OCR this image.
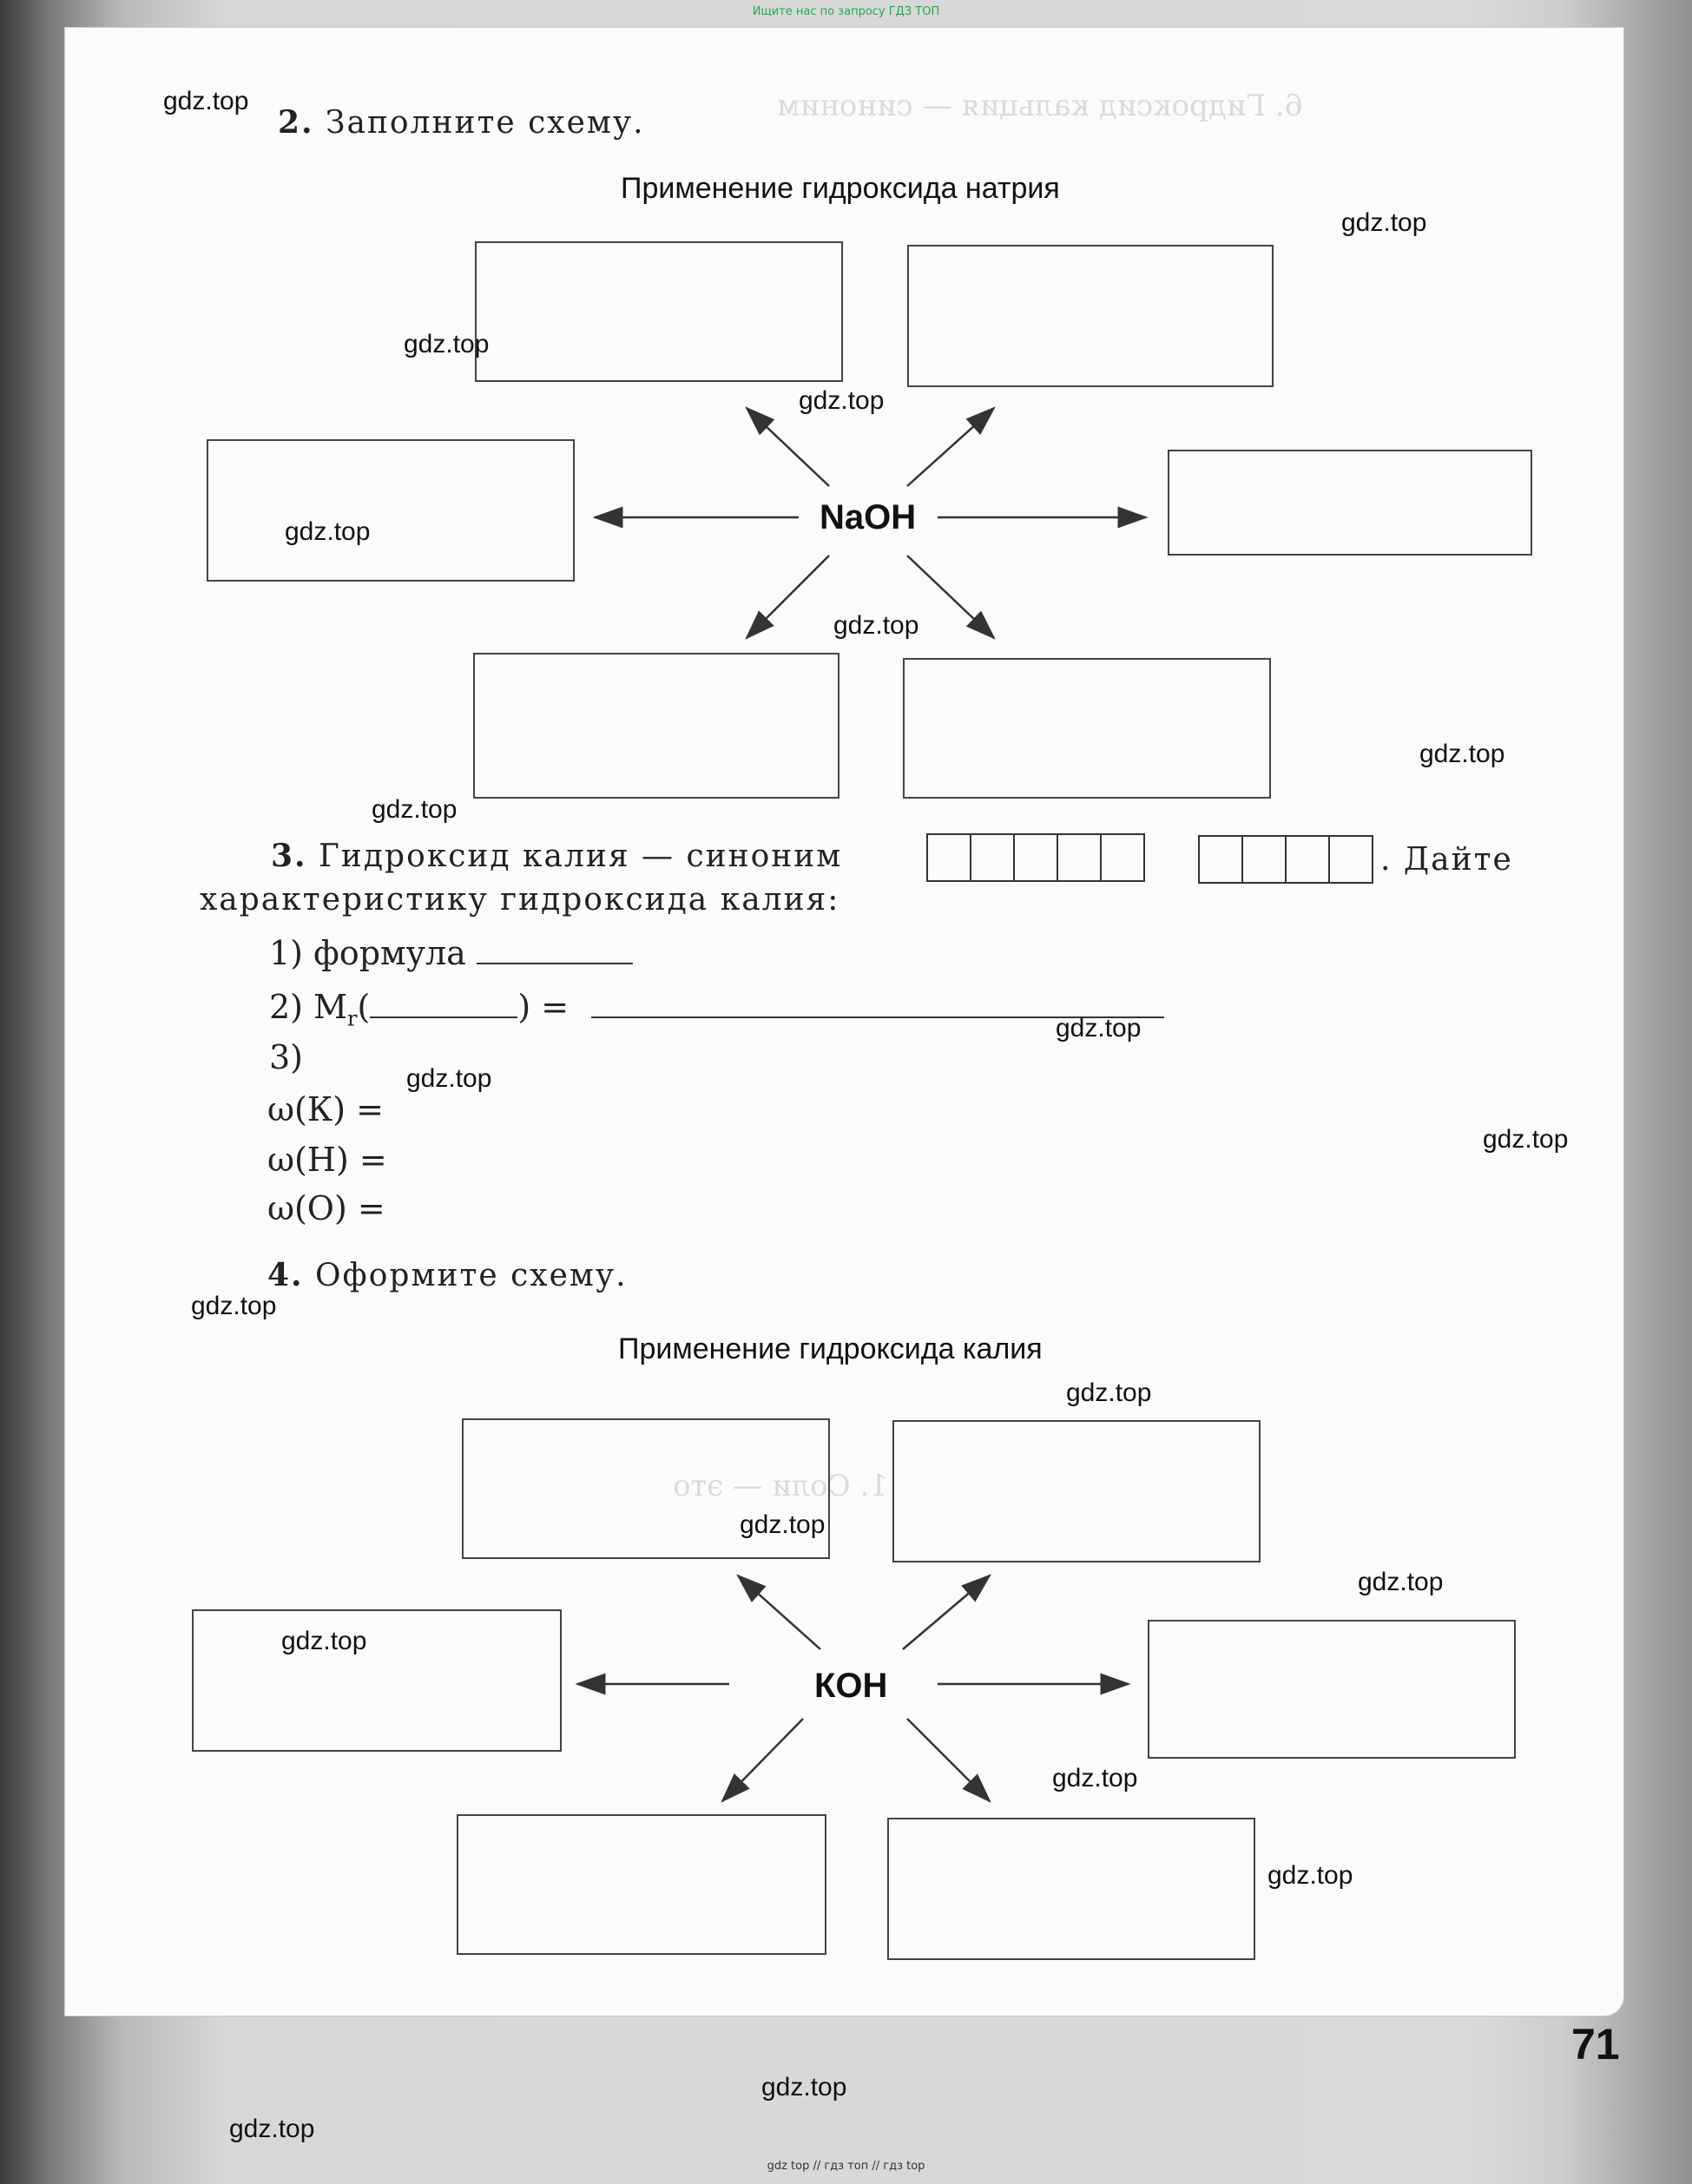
Ищите нас по запросу ГДЗ ТОП
6. Гидроксид кальция — синоним
1. Соли — это
2. Заполните схему.
Применение гидроксида натрия
NaOH
3. Гидроксид калия — синоним	. Дайте
характеристику гидроксида калия:
1) формула
2) $M_r$(	) =
3)
ω(К) =
ω(Н) =
ω(О) =
4. Оформите схему.
Применение гидроксида калия
КОН
71
gdz.top
gdz.top
gdz.top
gdz.top
gdz.top
gdz.top
gdz.top
gdz.top
gdz.top
gdz.top
gdz.top
gdz.top
gdz.top
gdz.top
gdz.top
gdz.top
gdz.top
gdz.top
gdz.top
gdz.top
gdz top // гдз топ // гдз top
